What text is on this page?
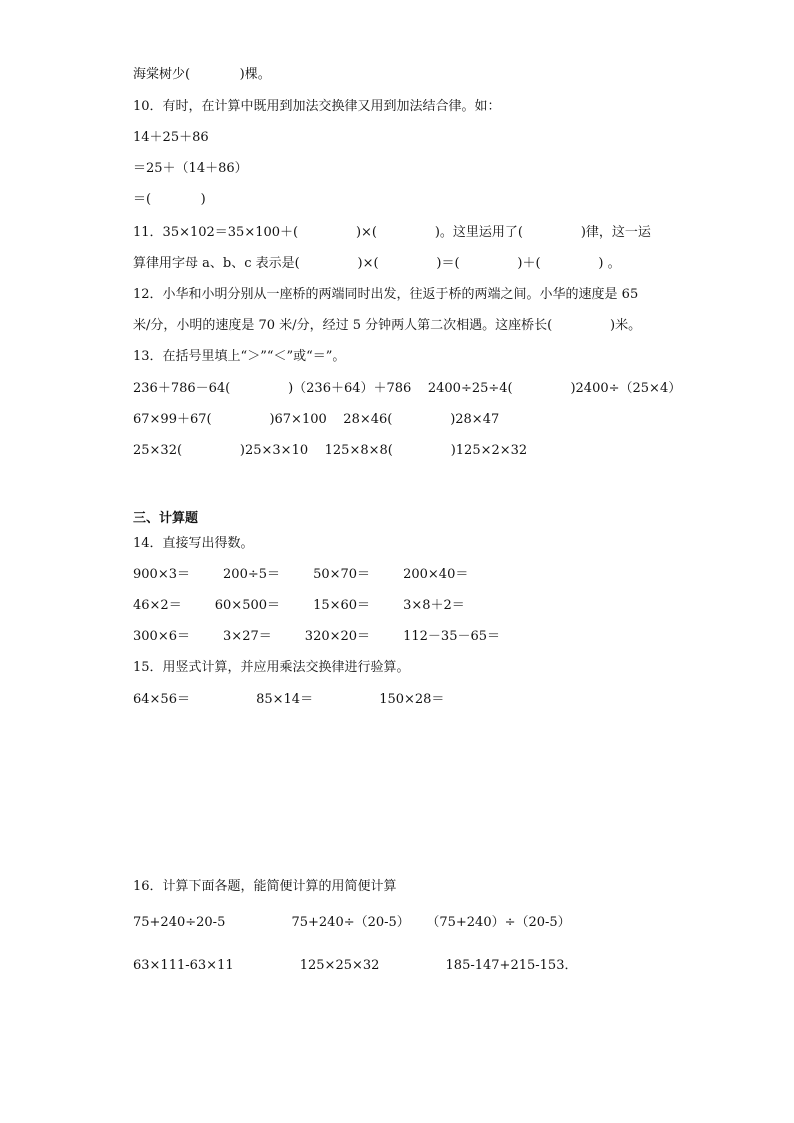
海棠树少(            )棵。
10．有时，在计算中既用到加法交换律又用到加法结合律。如：
14＋25＋86
＝25＋（14＋86）
＝(            )
11．35×102＝35×100＋(              )×(              )。这里运用了(              )律，这一运
算律用字母 a、b、c 表示是(              )×(              )＝(              )＋(              ) 。
12．小华和小明分别从一座桥的两端同时出发，往返于桥的两端之间。小华的速度是 65
米/分，小明的速度是 70 米/分，经过 5 分钟两人第二次相遇。这座桥长(              )米。
13．在括号里填上“＞”“＜”或“＝”。
236＋786－64(              )（236＋64）＋786    2400÷25÷4(              )2400÷（25×4）
67×99＋67(              )67×100    28×46(              )28×47
25×32(              )25×3×10    125×8×8(              )125×2×32
三、计算题
14．直接写出得数。
900×3＝        200÷5＝        50×70＝        200×40＝
46×2＝        60×500＝        15×60＝        3×8＋2＝
300×6＝        3×27＝        320×20＝        112－35－65＝
15．用竖式计算，并应用乘法交换律进行验算。
64×56＝                85×14＝                150×28＝
16．计算下面各题，能简便计算的用简便计算
75+240÷20-5                75+240÷（20-5）    （75+240）÷（20-5）
63×111-63×11                125×25×32                185-147+215-153．
